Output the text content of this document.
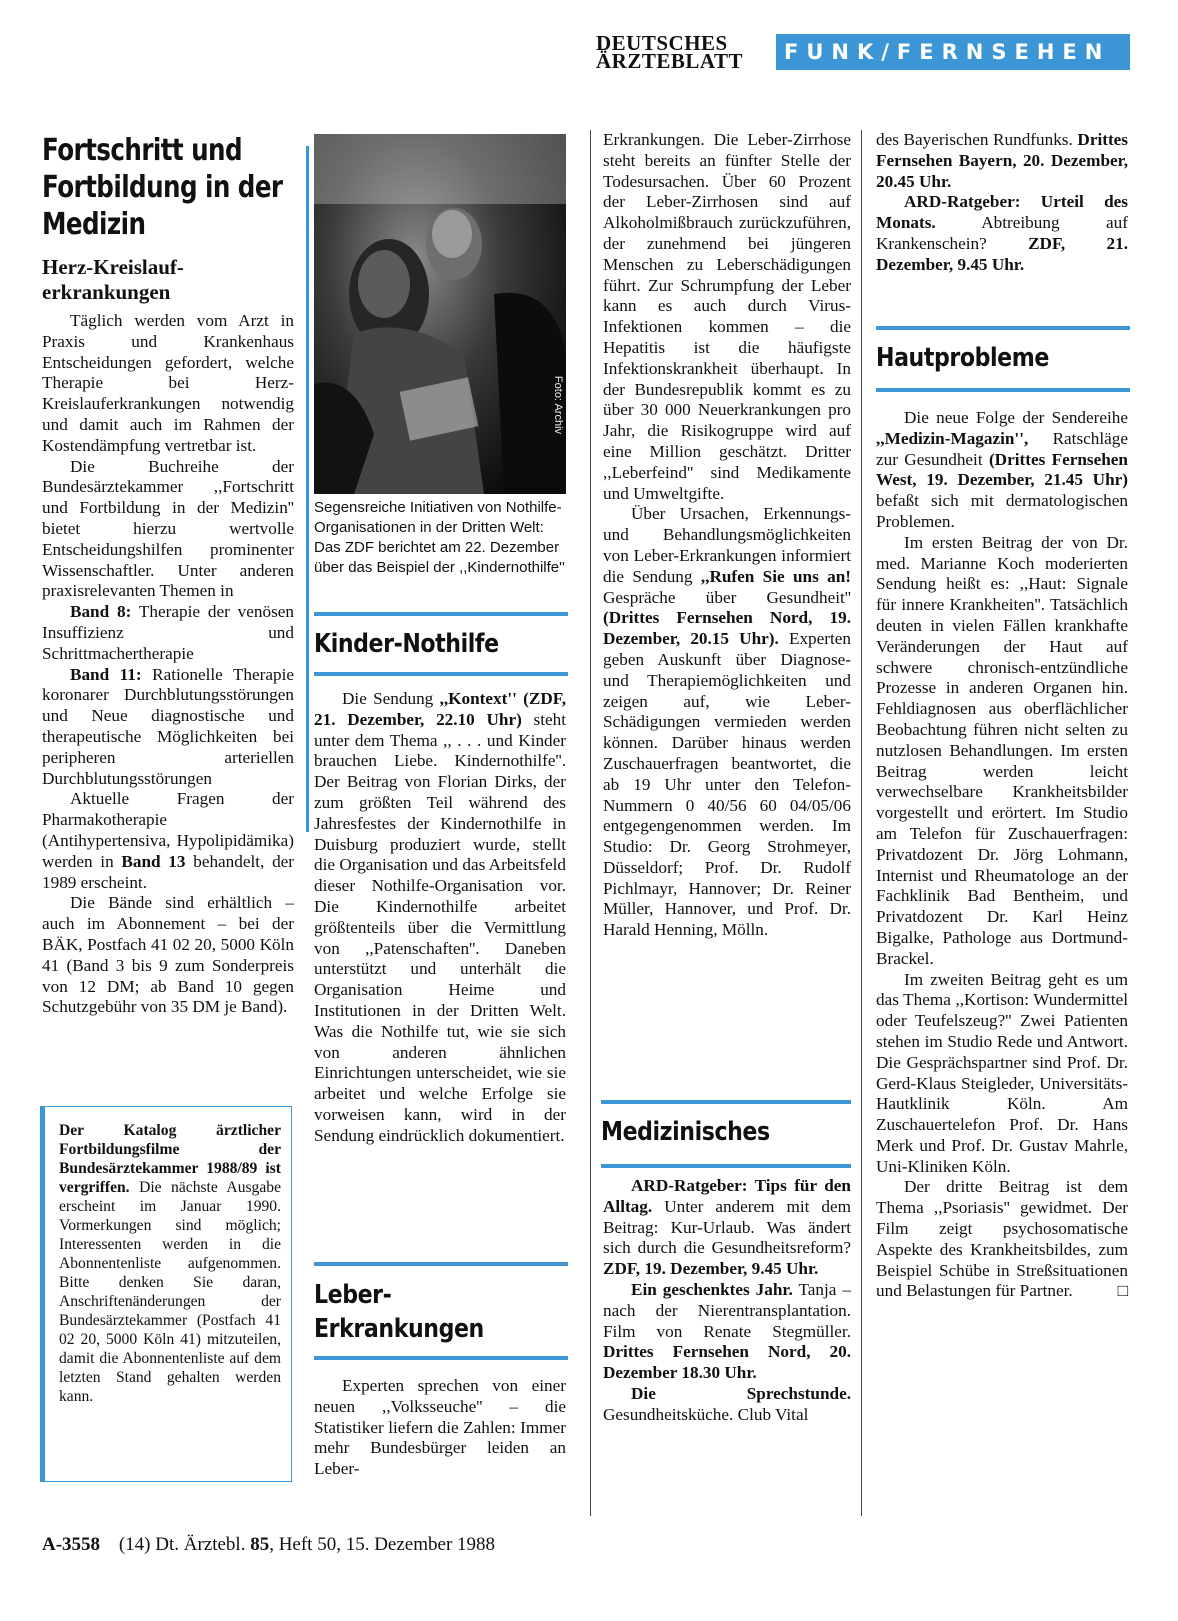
DEUTSCHES
ÄRZTEBLATT	FUNK/FERNSEHEN
Fortschritt und Fortbildung in der Medizin
Herz-Kreislauf-erkrankungen

Täglich werden vom Arzt in Praxis und Krankenhaus Entscheidungen gefordert, welche Therapie bei Herz-Kreislauferkrankungen notwendig und damit auch im Rahmen der Kostendämpfung vertretbar ist.

Die Buchreihe der Bundesärztekammer ,,Fortschritt und Fortbildung in der Medizin'' bietet hierzu wertvolle Entscheidungshilfen prominenter Wissenschaftler. Unter anderen praxisrelevanten Themen in

Band 8: Therapie der venösen Insuffizienz und Schrittmachertherapie

Band 11: Rationelle Therapie koronarer Durchblutungsstörungen und Neue diagnostische und therapeutische Möglichkeiten bei peripheren arteriellen Durchblutungsstörungen

Aktuelle Fragen der Pharmakotherapie (Antihypertensiva, Hypolipidämika) werden in Band 13 behandelt, der 1989 erscheint.

Die Bände sind erhältlich – auch im Abonnement – bei der BÄK, Postfach 41 02 20, 5000 Köln 41 (Band 3 bis 9 zum Sonderpreis von 12 DM; ab Band 10 gegen Schutzgebühr von 35 DM je Band).

Der Katalog ärztlicher Fortbildungsfilme der Bundesärztekammer 1988/89 ist vergriffen. Die nächste Ausgabe erscheint im Januar 1990. Vormerkungen sind möglich; Interessenten werden in die Abonnentenliste aufgenommen. Bitte denken Sie daran, Anschriftenänderungen der Bundesärztekammer (Postfach 41 02 20, 5000 Köln 41) mitzuteilen, damit die Abonnentenliste auf dem letzten Stand gehalten werden kann.

Foto: Archiv
Segensreiche Initiativen von Nothilfe-Organisationen in der Dritten Welt: Das ZDF berichtet am 22. Dezember über das Beispiel der ,,Kindernothilfe''
Kinder-Nothilfe

Die Sendung ,,Kontext'' (ZDF, 21. Dezember, 22.10 Uhr) steht unter dem Thema ,, . . . und Kinder brauchen Liebe. Kindernothilfe''. Der Beitrag von Florian Dirks, der zum größten Teil während des Jahresfestes der Kindernothilfe in Duisburg produziert wurde, stellt die Organisation und das Arbeitsfeld dieser Nothilfe-Organisation vor. Die Kindernothilfe arbeitet größtenteils über die Vermittlung von ,,Patenschaften''. Daneben unterstützt und unterhält die Organisation Heime und Institutionen in der Dritten Welt. Was die Nothilfe tut, wie sie sich von anderen ähnlichen Einrichtungen unterscheidet, wie sie arbeitet und welche Erfolge sie vorweisen kann, wird in der Sendung eindrücklich dokumentiert.

Leber-
Erkrankungen

Experten sprechen von einer neuen ,,Volksseuche'' – die Statistiker liefern die Zahlen: Immer mehr Bundesbürger leiden an Leber-

Erkrankungen. Die Leber-Zirrhose steht bereits an fünfter Stelle der Todesursachen. Über 60 Prozent der Leber-Zirrhosen sind auf Alkoholmißbrauch zurückzuführen, der zunehmend bei jüngeren Menschen zu Leberschädigungen führt. Zur Schrumpfung der Leber kann es auch durch Virus-Infektionen kommen – die Hepatitis ist die häufigste Infektionskrankheit überhaupt. In der Bundesrepublik kommt es zu über 30 000 Neuerkrankungen pro Jahr, die Risikogruppe wird auf eine Million geschätzt. Dritter ,,Leberfeind'' sind Medikamente und Umweltgifte.

Über Ursachen, Erkennungs- und Behandlungsmöglichkeiten von Leber-Erkrankungen informiert die Sendung ,,Rufen Sie uns an! Gespräche über Gesundheit'' (Drittes Fernsehen Nord, 19. Dezember, 20.15 Uhr). Experten geben Auskunft über Diagnose- und Therapiemöglichkeiten und zeigen auf, wie Leber-Schädigungen vermieden werden können. Darüber hinaus werden Zuschauerfragen beantwortet, die ab 19 Uhr unter den Telefon-Nummern 0 40/56 60 04/05/06 entgegengenommen werden. Im Studio: Dr. Georg Strohmeyer, Düsseldorf; Prof. Dr. Rudolf Pichlmayr, Hannover; Dr. Reiner Müller, Hannover, und Prof. Dr. Harald Henning, Mölln.

Medizinisches

ARD-Ratgeber: Tips für den Alltag. Unter anderem mit dem Beitrag: Kur-Urlaub. Was ändert sich durch die Gesundheitsreform? ZDF, 19. Dezember, 9.45 Uhr.

Ein geschenktes Jahr. Tanja – nach der Nierentransplantation. Film von Renate Stegmüller. Drittes Fernsehen Nord, 20. Dezember 18.30 Uhr.

Die Sprechstunde. Gesundheitsküche. Club Vital

des Bayerischen Rundfunks. Drittes Fernsehen Bayern, 20. Dezember, 20.45 Uhr.

ARD-Ratgeber: Urteil des Monats.	Abtreibung auf Krankenschein? ZDF, 21. Dezember, 9.45 Uhr.

Hautprobleme

Die neue Folge der Sendereihe ,,Medizin-Magazin'', Ratschläge zur Gesundheit (Drittes Fernsehen West, 19. Dezember, 21.45 Uhr) befaßt sich mit dermatologischen Problemen.

Im ersten Beitrag der von Dr. med. Marianne Koch moderierten Sendung heißt es: ,,Haut: Signale für innere Krankheiten''. Tatsächlich deuten in vielen Fällen krankhafte Veränderungen der Haut auf schwere chronisch-entzündliche Prozesse in anderen Organen hin. Fehldiagnosen aus oberflächlicher Beobachtung führen nicht selten zu nutzlosen Behandlungen. Im ersten Beitrag werden leicht verwechselbare Krankheitsbilder vorgestellt und erörtert. Im Studio am Telefon für Zuschauerfragen: Privatdozent Dr. Jörg Lohmann, Internist und Rheumatologe an der Fachklinik Bad Bentheim, und Privatdozent Dr. Karl Heinz Bigalke, Pathologe aus Dortmund-Brackel.

Im zweiten Beitrag geht es um das Thema ,,Kortison: Wundermittel oder Teufelszeug?'' Zwei Patienten stehen im Studio Rede und Antwort. Die Gesprächspartner sind Prof. Dr. Gerd-Klaus Steigleder, Universitäts-Hautklinik Köln. Am Zuschauertelefon Prof. Dr. Hans Merk und Prof. Dr. Gustav Mahrle, Uni-Kliniken Köln.

Der dritte Beitrag ist dem Thema ,,Psoriasis'' gewidmet. Der Film zeigt psychosomatische Aspekte des Krankheitsbildes, zum Beispiel Schübe in Streßsituationen und Belastungen für Partner.	□

A-3558 (14) Dt. Ärztebl. 85, Heft 50, 15. Dezember 1988
